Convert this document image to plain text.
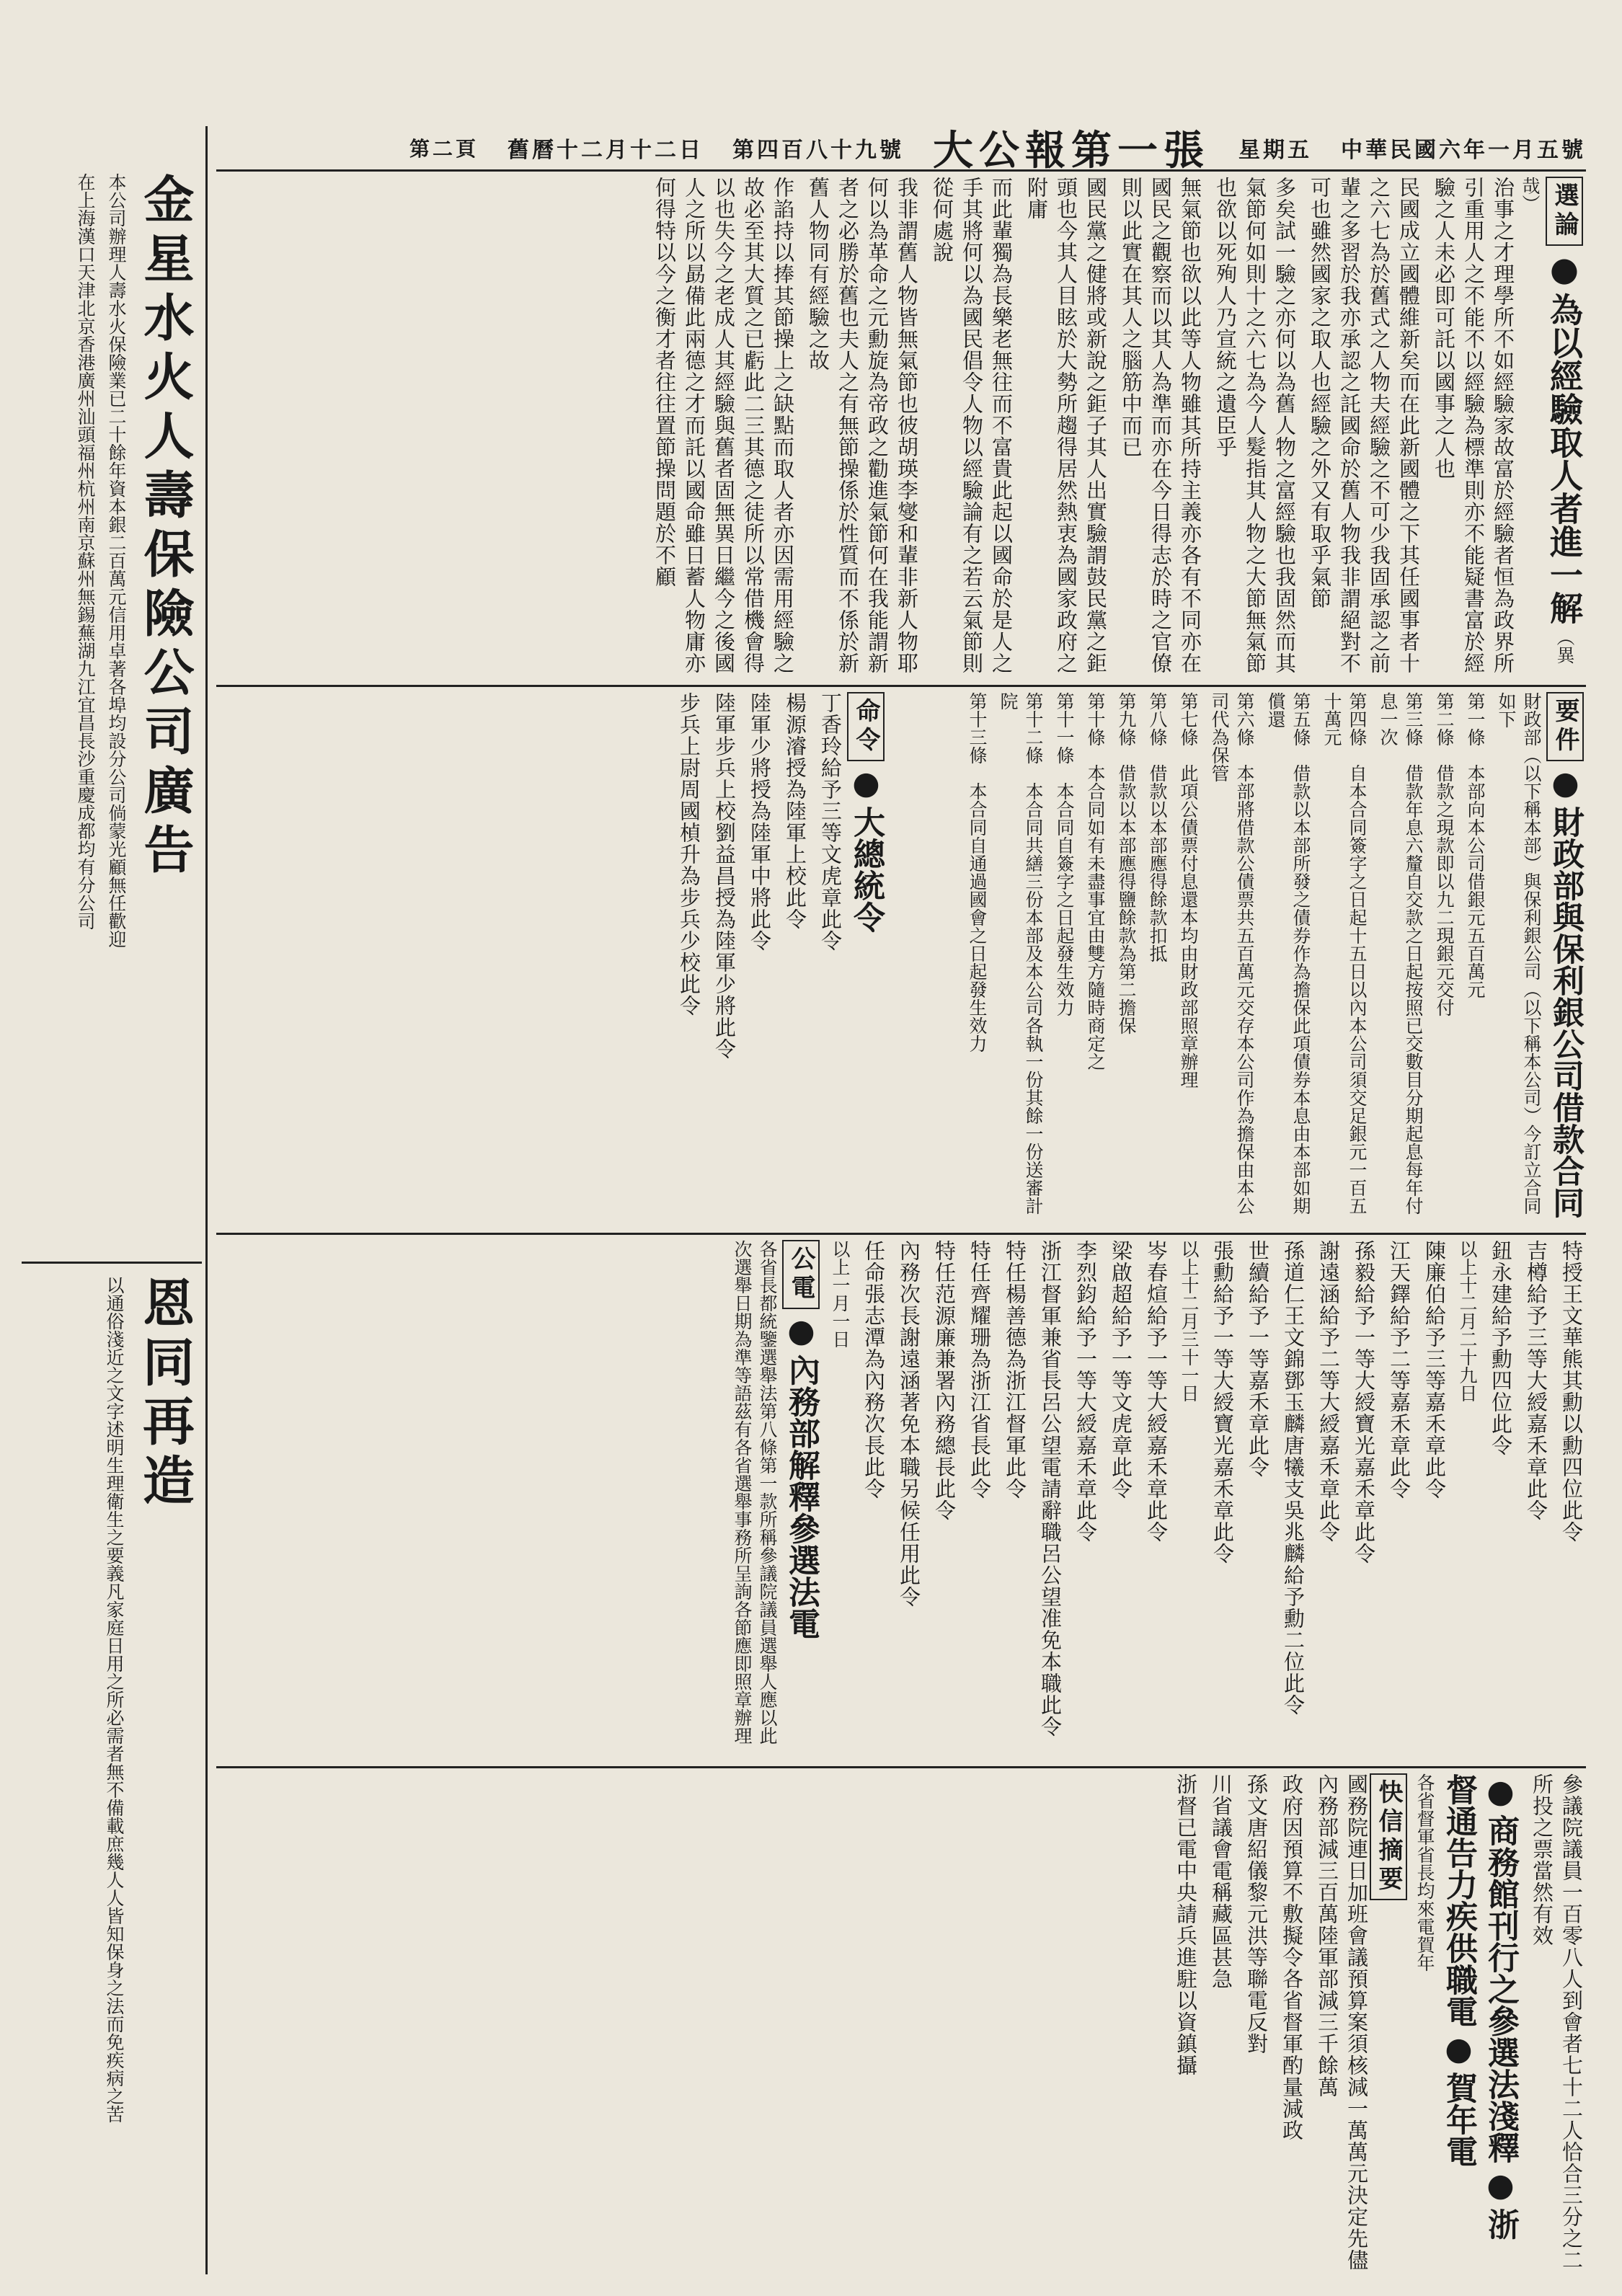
中華民國六年一月五號
星期五
大公報第一張
第四百八十九號
舊曆十二月十二日
第二頁
選論 ● 為以經驗取人者進一解 （異哉）
治事之才理學所不如經驗家故富於經驗者恒為政界所引重用人之不能不以經驗為標準則亦不能疑書富於經驗之人未必即可託以國事之人也
民國成立國體維新矣而在此新國體之下其任國事者十之六七為於舊式之人物夫經驗之不可少我固承認之前輩之多習於我亦承認之託國命於舊人物我非謂絕對不可也雖然國家之取人也經驗之外又有取乎氣節
多矣試一驗之亦何以為舊人物之富經驗也我固然而其氣節何如則十之六七為今人髮指其人物之大節無氣節也欲以死殉人乃宣統之遺臣乎
無氣節也欲以此等人物雖其所持主義亦各有不同亦在國民之觀察而以其人為準而亦在今日得志於時之官僚則以此實在其人之腦筋中而已
國民黨之健將或新說之鉅子其人出實驗謂鼓民黨之鉅頭也今其人目眩於大勢所趨得居然熱衷為國家政府之附庸
而此輩獨為長樂老無往而不富貴此起以國命於是人之手其將何以為國民倡令人物以經驗論有之若云氣節則從何處說
我非謂舊人物皆無氣節也彼胡瑛李燮和輩非新人物耶何以為革命之元勳旋為帝政之勸進氣節何在我能謂新者之必勝於舊也夫人之有無節操係於性質而不係於新舊人物同有經驗之故
作諂持以捧其節操上之缺點而取人者亦因需用經驗之故必至其大質之已虧此二三其德之徒所以常借機會得以也失今之老成人其經驗與舊者固無異日繼今之後國人之所以勗備此兩德之才而託以國命雖日蓄人物庸亦何得特以今之衡才者往往置節操問題於不顧
要件 ● 財政部與保利銀公司借款合同
財政部（以下稱本部）與保利銀公司（以下稱本公司）今訂立合同如下
第一條　本部向本公司借銀元五百萬元
第二條　借款之現款即以九二現銀元交付
第三條　借款年息六釐自交款之日起按照已交數目分期起息每年付息一次
第四條　自本合同簽字之日起十五日以內本公司須交足銀元一百五十萬元
第五條　借款以本部所發之債券作為擔保此項債券本息由本部如期償還
第六條　本部將借款公債票共五百萬元交存本公司作為擔保由本公司代為保管
第七條　此項公債票付息還本均由財政部照章辦理
第八條　借款以本部應得餘款扣抵
第九條　借款以本部應得鹽餘款為第二擔保
第十條　本合同如有未盡事宜由雙方隨時商定之
第十一條　本合同自簽字之日起發生效力
第十二條　本合同共繕三份本部及本公司各執一份其餘一份送審計院
第十三條　本合同自通過國會之日起發生效力
命令 ● 大總統令
丁香玲給予三等文虎章此令
楊源濬授為陸軍上校此令
陸軍少將授為陸軍中將此令
陸軍步兵上校劉益昌授為陸軍少將此令
步兵上尉周國楨升為步兵少校此令
特授王文華熊其勳以勳四位此令
吉樽給予三等大綬嘉禾章此令
鈕永建給予勳四位此令
以上十二月二十九日
陳廉伯給予三等嘉禾章此令
江天鐸給予二等嘉禾章此令
孫毅給予一等大綬寶光嘉禾章此令
謝遠涵給予二等大綬嘉禾章此令
孫道仁王文錦鄧玉麟唐犧支吳兆麟給予勳二位此令
世續給予一等嘉禾章此令
張勳給予一等大綬寶光嘉禾章此令
以上十二月三十一日
岑春煊給予一等大綬嘉禾章此令
梁啟超給予一等文虎章此令
李烈鈞給予一等大綬嘉禾章此令
浙江督軍兼省長呂公望電請辭職呂公望准免本職此令
特任楊善德為浙江督軍此令
特任齊耀珊為浙江省長此令
特任范源廉兼署內務總長此令
內務次長謝遠涵著免本職另候任用此令
任命張志潭為內務次長此令
以上一月一日
公電 ● 內務部解釋參選法電
各省長都統鑒選舉法第八條第一款所稱參議院議員選舉人應以此次選舉日期為準等語茲有各省選舉事務所呈詢各節應即照章辦理
參議院議員一百零八人到會者七十二人恰合三分之二所投之票當然有效
● 商務館刊行之參選法淺釋 ● 浙督通告力疾供職電 ● 賀年電
各省督軍省長均來電賀年
快信摘要
國務院連日加班會議預算案須核減一萬萬元決定先儘內務部減三百萬陸軍部減三千餘萬
政府因預算不敷擬令各省督軍酌量減政
孫文唐紹儀黎元洪等聯電反對
川省議會電稱藏區甚急
浙督已電中央請兵進駐以資鎮攝
金星水火人壽保險公司廣告
本公司辦理人壽水火保險業已二十餘年資本銀二百萬元信用卓著各埠均設分公司倘蒙光顧無任歡迎
在上海漢口天津北京香港廣州汕頭福州杭州南京蘇州無錫蕪湖九江宜昌長沙重慶成都均有分公司
恩同再造
以通俗淺近之文字述明生理衛生之要義凡家庭日用之所必需者無不備載庶幾人人皆知保身之法而免疾病之苦
